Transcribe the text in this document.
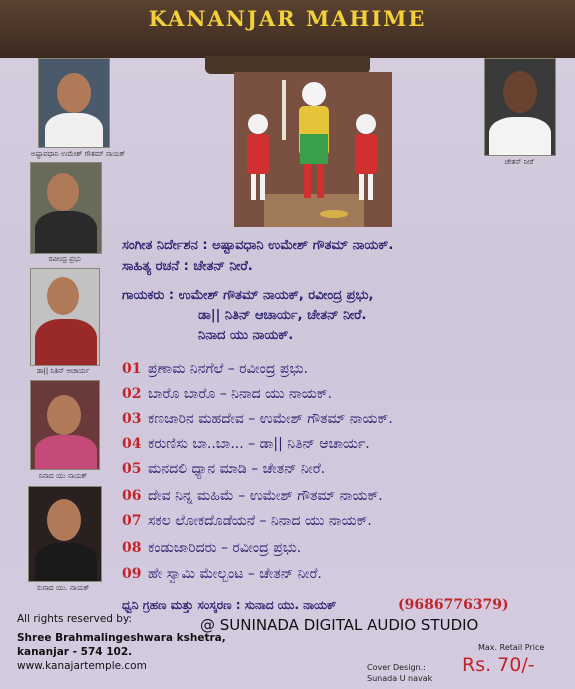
KANANJAR MAHIME
ಅಷ್ಟಾವಧಾನಿ ಉಮೇಶ್ ಗೌತಮ್ ನಾಯಕ್
ರವೀಂದ್ರ ಪ್ರಭು
ಡಾ|| ನಿತಿನ್ ಆಚಾರ್ಯ
ನಿನಾದ ಯು ನಾಯಕ್
ಸುನಾದ ಯು. ನಾಯಕ್
ಚೇತನ್ ನೀರೆ
ಸಂಗೀತ ನಿರ್ದೇಶನ : ಅಷ್ಟಾವಧಾನಿ ಉಮೇಶ್ ಗೌತಮ್ ನಾಯಕ್.
ಸಾಹಿತ್ಯ ರಚನೆ : ಚೇತನ್ ನೀರೆ.
ಗಾಯಕರು : ಉಮೇಶ್ ಗೌತಮ್ ನಾಯಕ್, ರವೀಂದ್ರ ಪ್ರಭು,
ಡಾ|| ನಿತಿನ್ ಆಚಾರ್ಯ, ಚೇತನ್ ನೀರೆ.
ನಿನಾದ ಯು ನಾಯಕ್.
01 ಪ್ರಣಾಮ ನಿನಗೆಲೆ – ರವೀಂದ್ರ ಪ್ರಭು.
02 ಬಾರೊ ಬಾರೊ – ನಿನಾದ ಯು ನಾಯಕ್.
03 ಕಣಜಾರಿನ ಮಹದೇವ – ಉಮೇಶ್ ಗೌತಮ್ ನಾಯಕ್.
04 ಕರುಣಿಸು ಬಾ..ಬಾ... – ಡಾ|| ನಿತಿನ್ ಆಚಾರ್ಯ.
05 ಮನದಲಿ ಧ್ಯಾನ ಮಾಡಿ – ಚೇತನ್ ನೀರೆ.
06 ದೇವ ನಿನ್ನ ಮಹಿಮೆ – ಉಮೇಶ್ ಗೌತಮ್ ನಾಯಕ್.
07 ಸಕಲ ಲೋಕದೊಡೆಯನೆ – ನಿನಾದ ಯು ನಾಯಕ್.
08 ಕಂಡುಜಾರಿದರು – ರವೀಂದ್ರ ಪ್ರಭು.
09 ಹೇ ಸ್ವಾಮಿ ಮೇಲ್ಬಂಟ – ಚೇತನ್ ನೀರೆ.
ಧ್ವನಿ ಗ್ರಹಣ ಮತ್ತು ಸಂಸ್ಕರಣ : ಸುನಾದ ಯು. ನಾಯಕ್	(9686776379)
@ SUNINADA DIGITAL AUDIO STUDIO
All rights reserved by:
Shree Brahmalingeshwara kshetra,
kananjar - 574 102.
www.kanajartemple.com	Cover Design.:
Sunada U navak
Max. Retail Price
Rs. 70/-
